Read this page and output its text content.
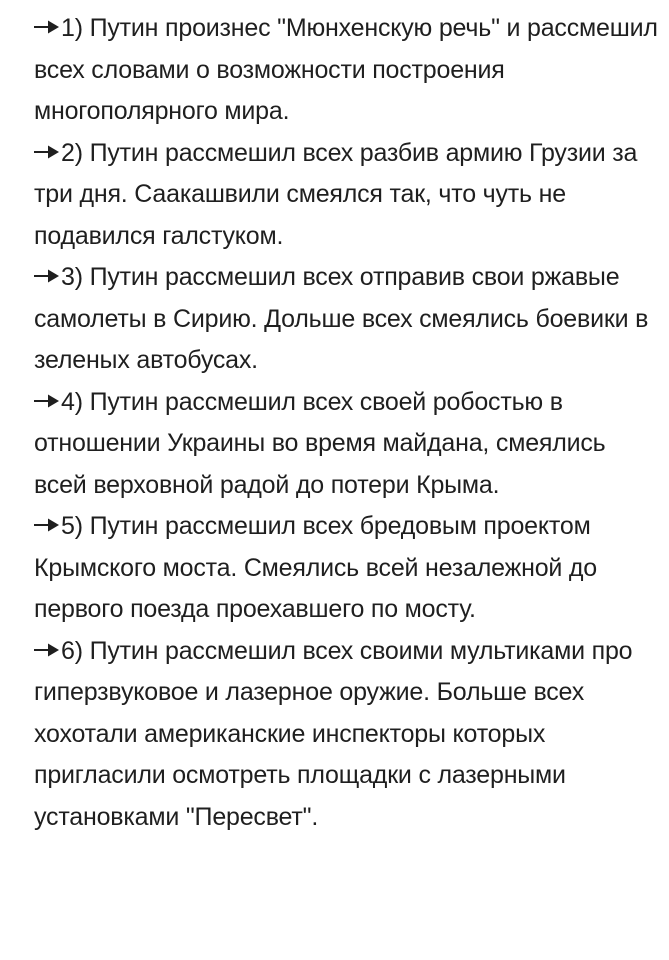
1) Путин произнес "Мюнхенскую речь" и рассмешил всех словами о возможности построения многополярного мира.

2) Путин рассмешил всех разбив армию Грузии за три дня. Саакашвили смеялся так, что чуть не подавился галстуком.

3) Путин рассмешил всех отправив свои ржавые самолеты в Сирию. Дольше всех смеялись боевики в зеленых автобусах.

4) Путин рассмешил всех своей робостью в отношении Украины во время майдана, смеялись всей верховной радой до потери Крыма.

5) Путин рассмешил всех бредовым проектом Крымского моста. Смеялись всей незалежной до первого поезда проехавшего по мосту.

6) Путин рассмешил всех своими мультиками про гиперзвуковое и лазерное оружие. Больше всех хохотали американские инспекторы которых пригласили осмотреть площадки с лазерными установками "Пересвет".
